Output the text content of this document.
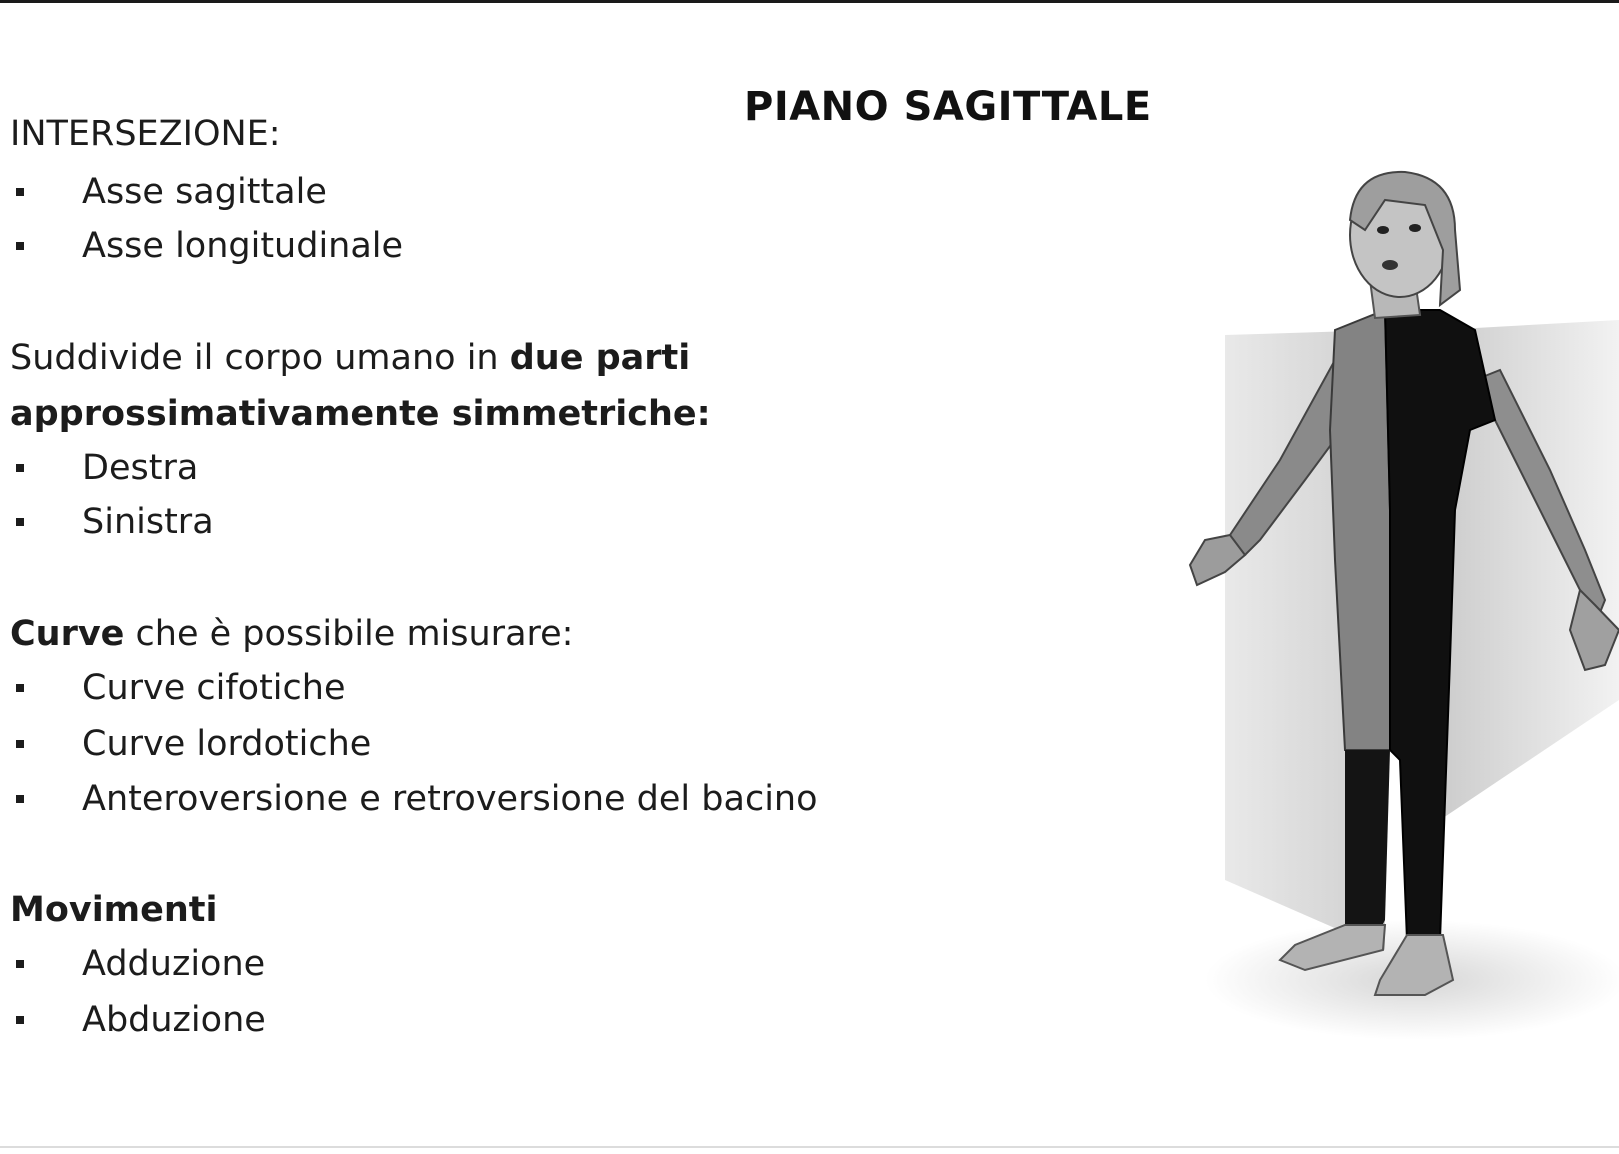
PIANO SAGITTALE
INTERSEZIONE:
Asse sagittale
Asse longitudinale
Suddivide il corpo umano in due parti
approssimativamente simmetriche:
Destra
Sinistra
Curve che è possibile misurare:
Curve cifotiche
Curve lordotiche
Anteroversione e retroversione del bacino
Movimenti
Adduzione
Abduzione
